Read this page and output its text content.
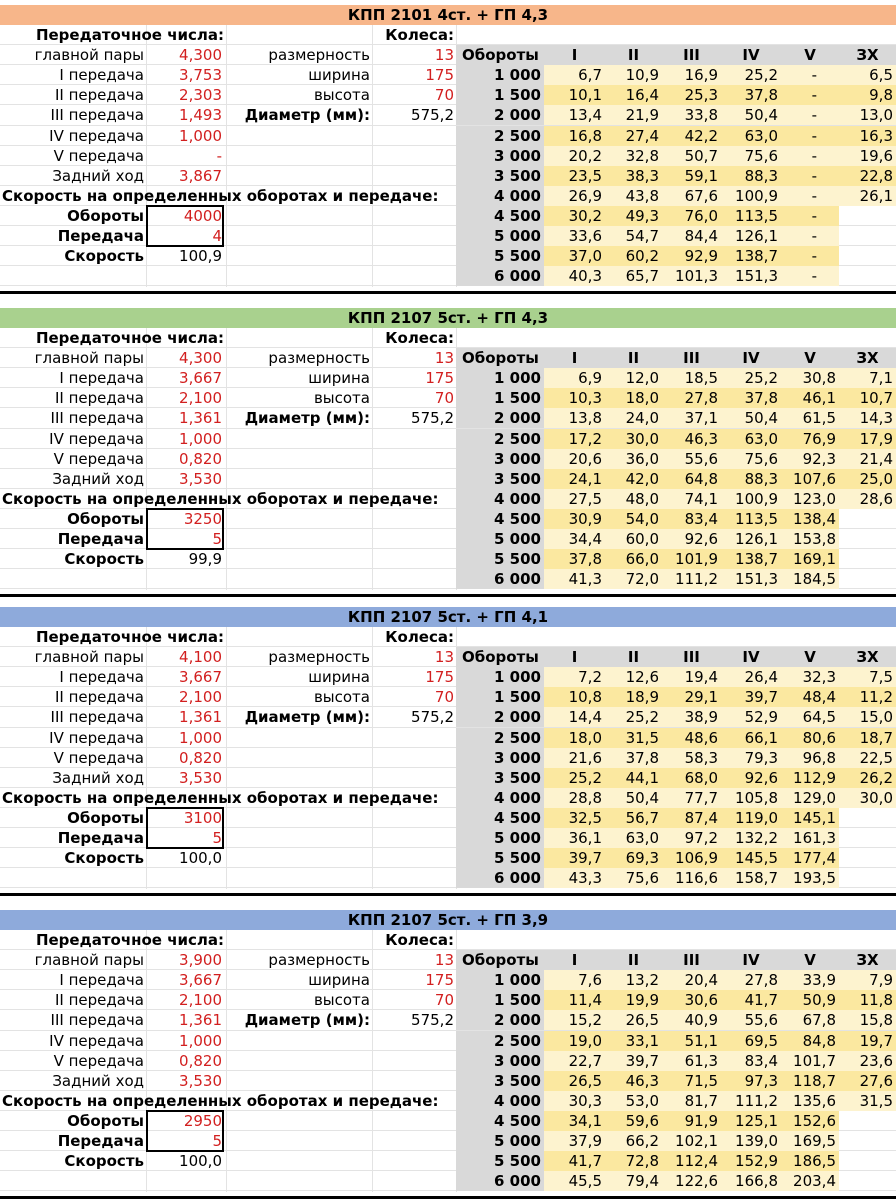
КПП 2101 4ст. + ГП 4,3
Передаточное числа:	Колеса:
главной пары	4,300
I передача	3,753
II передача	2,303
III передача	1,493
IV передача	1,000
V передача	-
Задний ход	3,867
размерность	13
ширина	175
высота	70
Диаметр (мм):	575,2
Скорость на определенных оборотах и передаче:
Обороты	4000
Передача	4
Скорость	100,9
Обороты	I	II	III	IV	V	ЗХ
1 000	6,7	10,9	16,9	25,2	-	6,5
1 500	10,1	16,4	25,3	37,8	-	9,8
2 000	13,4	21,9	33,8	50,4	-	13,0
2 500	16,8	27,4	42,2	63,0	-	16,3
3 000	20,2	32,8	50,7	75,6	-	19,6
3 500	23,5	38,3	59,1	88,3	-	22,8
4 000	26,9	43,8	67,6	100,9	-	26,1
4 500	30,2	49,3	76,0	113,5	-
5 000	33,6	54,7	84,4	126,1	-
5 500	37,0	60,2	92,9	138,7	-
6 000	40,3	65,7	101,3	151,3	-
КПП 2107 5ст. + ГП 4,3
Передаточное числа:	Колеса:
главной пары	4,300
I передача	3,667
II передача	2,100
III передача	1,361
IV передача	1,000
V передача	0,820
Задний ход	3,530
размерность	13
ширина	175
высота	70
Диаметр (мм):	575,2
Скорость на определенных оборотах и передаче:
Обороты	3250
Передача	5
Скорость	99,9
Обороты	I	II	III	IV	V	ЗХ
1 000	6,9	12,0	18,5	25,2	30,8	7,1
1 500	10,3	18,0	27,8	37,8	46,1	10,7
2 000	13,8	24,0	37,1	50,4	61,5	14,3
2 500	17,2	30,0	46,3	63,0	76,9	17,9
3 000	20,6	36,0	55,6	75,6	92,3	21,4
3 500	24,1	42,0	64,8	88,3	107,6	25,0
4 000	27,5	48,0	74,1	100,9	123,0	28,6
4 500	30,9	54,0	83,4	113,5	138,4
5 000	34,4	60,0	92,6	126,1	153,8
5 500	37,8	66,0	101,9	138,7	169,1
6 000	41,3	72,0	111,2	151,3	184,5
КПП 2107 5ст. + ГП 4,1
Передаточное числа:	Колеса:
главной пары	4,100
I передача	3,667
II передача	2,100
III передача	1,361
IV передача	1,000
V передача	0,820
Задний ход	3,530
размерность	13
ширина	175
высота	70
Диаметр (мм):	575,2
Скорость на определенных оборотах и передаче:
Обороты	3100
Передача	5
Скорость	100,0
Обороты	I	II	III	IV	V	ЗХ
1 000	7,2	12,6	19,4	26,4	32,3	7,5
1 500	10,8	18,9	29,1	39,7	48,4	11,2
2 000	14,4	25,2	38,9	52,9	64,5	15,0
2 500	18,0	31,5	48,6	66,1	80,6	18,7
3 000	21,6	37,8	58,3	79,3	96,8	22,5
3 500	25,2	44,1	68,0	92,6	112,9	26,2
4 000	28,8	50,4	77,7	105,8	129,0	30,0
4 500	32,5	56,7	87,4	119,0	145,1
5 000	36,1	63,0	97,2	132,2	161,3
5 500	39,7	69,3	106,9	145,5	177,4
6 000	43,3	75,6	116,6	158,7	193,5
КПП 2107 5ст. + ГП 3,9
Передаточное числа:	Колеса:
главной пары	3,900
I передача	3,667
II передача	2,100
III передача	1,361
IV передача	1,000
V передача	0,820
Задний ход	3,530
размерность	13
ширина	175
высота	70
Диаметр (мм):	575,2
Скорость на определенных оборотах и передаче:
Обороты	2950
Передача	5
Скорость	100,0
Обороты	I	II	III	IV	V	ЗХ
1 000	7,6	13,2	20,4	27,8	33,9	7,9
1 500	11,4	19,9	30,6	41,7	50,9	11,8
2 000	15,2	26,5	40,9	55,6	67,8	15,8
2 500	19,0	33,1	51,1	69,5	84,8	19,7
3 000	22,7	39,7	61,3	83,4	101,7	23,6
3 500	26,5	46,3	71,5	97,3	118,7	27,6
4 000	30,3	53,0	81,7	111,2	135,6	31,5
4 500	34,1	59,6	91,9	125,1	152,6
5 000	37,9	66,2	102,1	139,0	169,5
5 500	41,7	72,8	112,4	152,9	186,5
6 000	45,5	79,4	122,6	166,8	203,4
